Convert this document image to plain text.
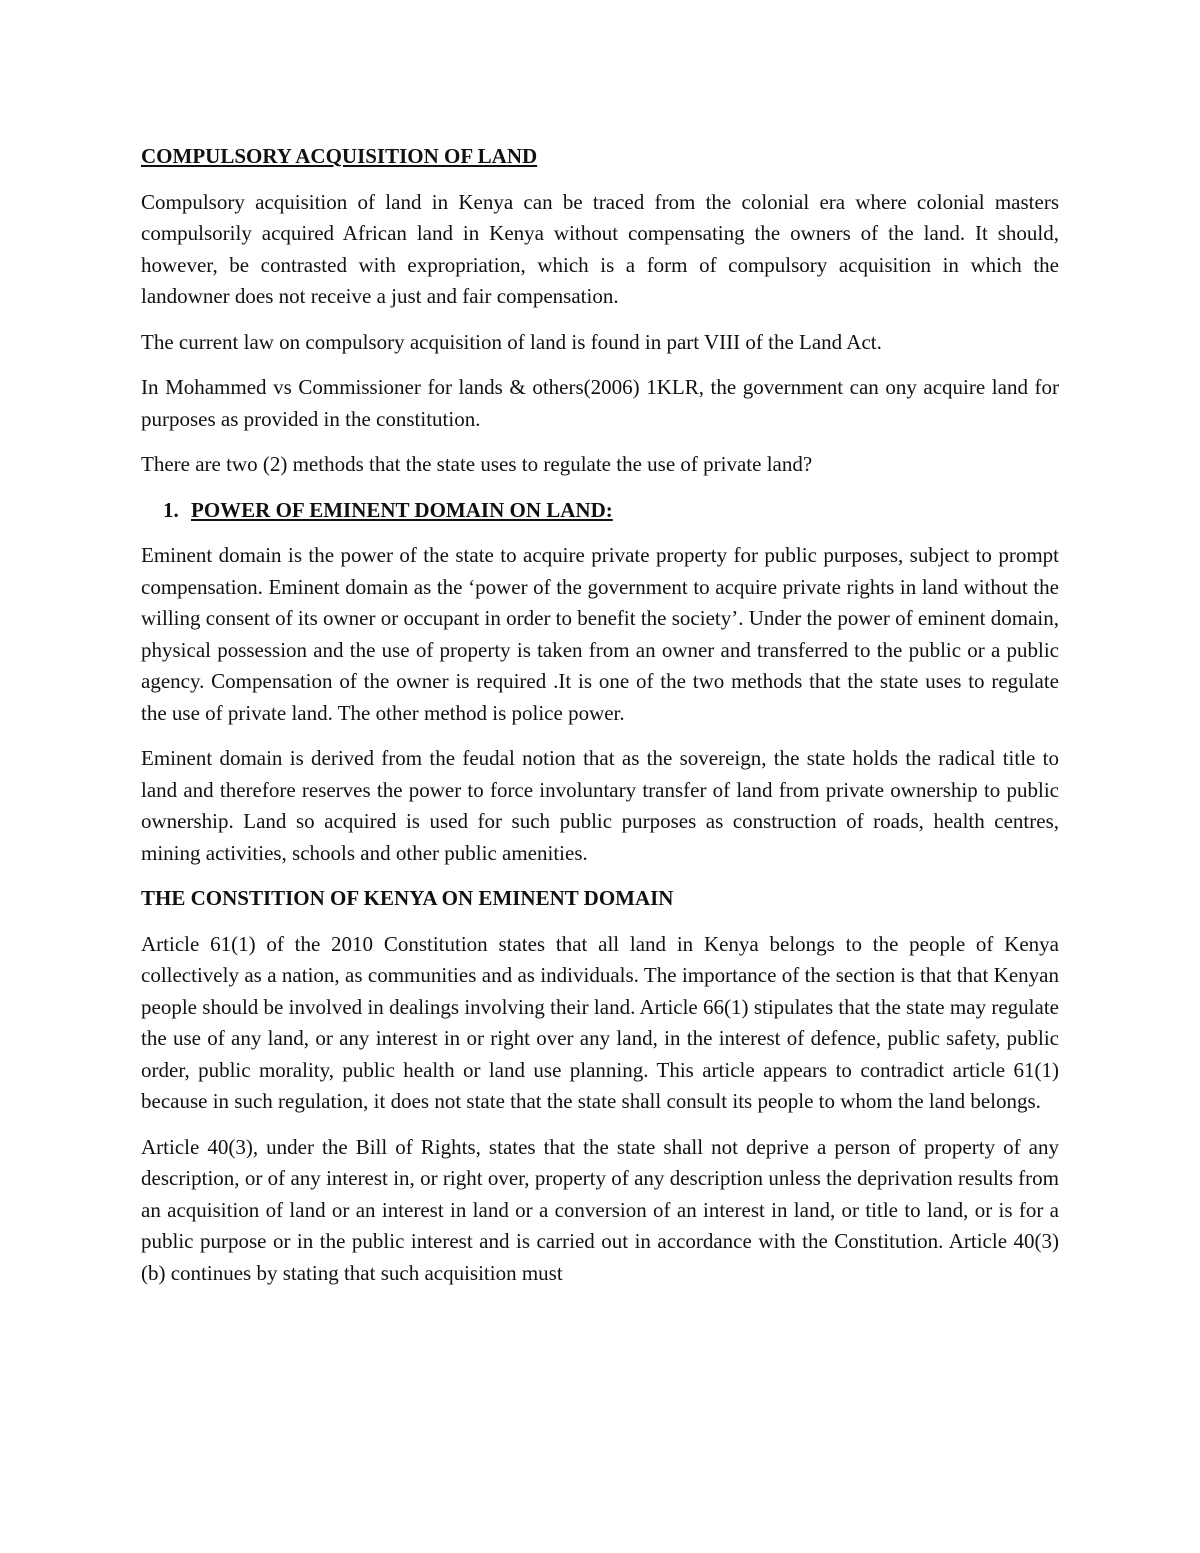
COMPULSORY ACQUISITION OF LAND

Compulsory acquisition of land in Kenya can be traced from the colonial era where colonial masters compulsorily acquired African land in Kenya without compensating the owners of the land. It should, however, be contrasted with expropriation, which is a form of compulsory acquisition in which the landowner does not receive a just and fair compensation.

The current law on compulsory acquisition of land is found in part VIII of the Land Act.

In Mohammed vs Commissioner for lands & others(2006) 1KLR, the government can ony acquire land for purposes as provided in the constitution.

There are two (2) methods that the state uses to regulate the use of private land?

1. POWER OF EMINENT DOMAIN ON LAND:

Eminent domain is the power of the state to acquire private property for public purposes, subject to prompt compensation. Eminent domain as the ‘power of the government to acquire private rights in land without the willing consent of its owner or occupant in order to benefit the society’. Under the power of eminent domain, physical possession and the use of property is taken from an owner and transferred to the public or a public agency. Compensation of the owner is required .It is one of the two methods that the state uses to regulate the use of private land. The other method is police power.

Eminent domain is derived from the feudal notion that as the sovereign, the state holds the radical title to land and therefore reserves the power to force involuntary transfer of land from private ownership to public ownership. Land so acquired is used for such public purposes as construction of roads, health centres, mining activities, schools and other public amenities.

THE CONSTITION OF KENYA ON EMINENT DOMAIN

Article 61(1) of the 2010 Constitution states that all land in Kenya belongs to the people of Kenya collectively as a nation, as communities and as individuals. The importance of the section is that that Kenyan people should be involved in dealings involving their land. Article 66(1) stipulates that the state may regulate the use of any land, or any interest in or right over any land, in the interest of defence, public safety, public order, public morality, public health or land use planning. This article appears to contradict article 61(1) because in such regulation, it does not state that the state shall consult its people to whom the land belongs.

Article 40(3), under the Bill of Rights, states that the state shall not deprive a person of property of any description, or of any interest in, or right over, property of any description unless the deprivation results from an acquisition of land or an interest in land or a conversion of an interest in land, or title to land, or is for a public purpose or in the public interest and is carried out in accordance with the Constitution. Article 40(3)(b) continues by stating that such acquisition must
